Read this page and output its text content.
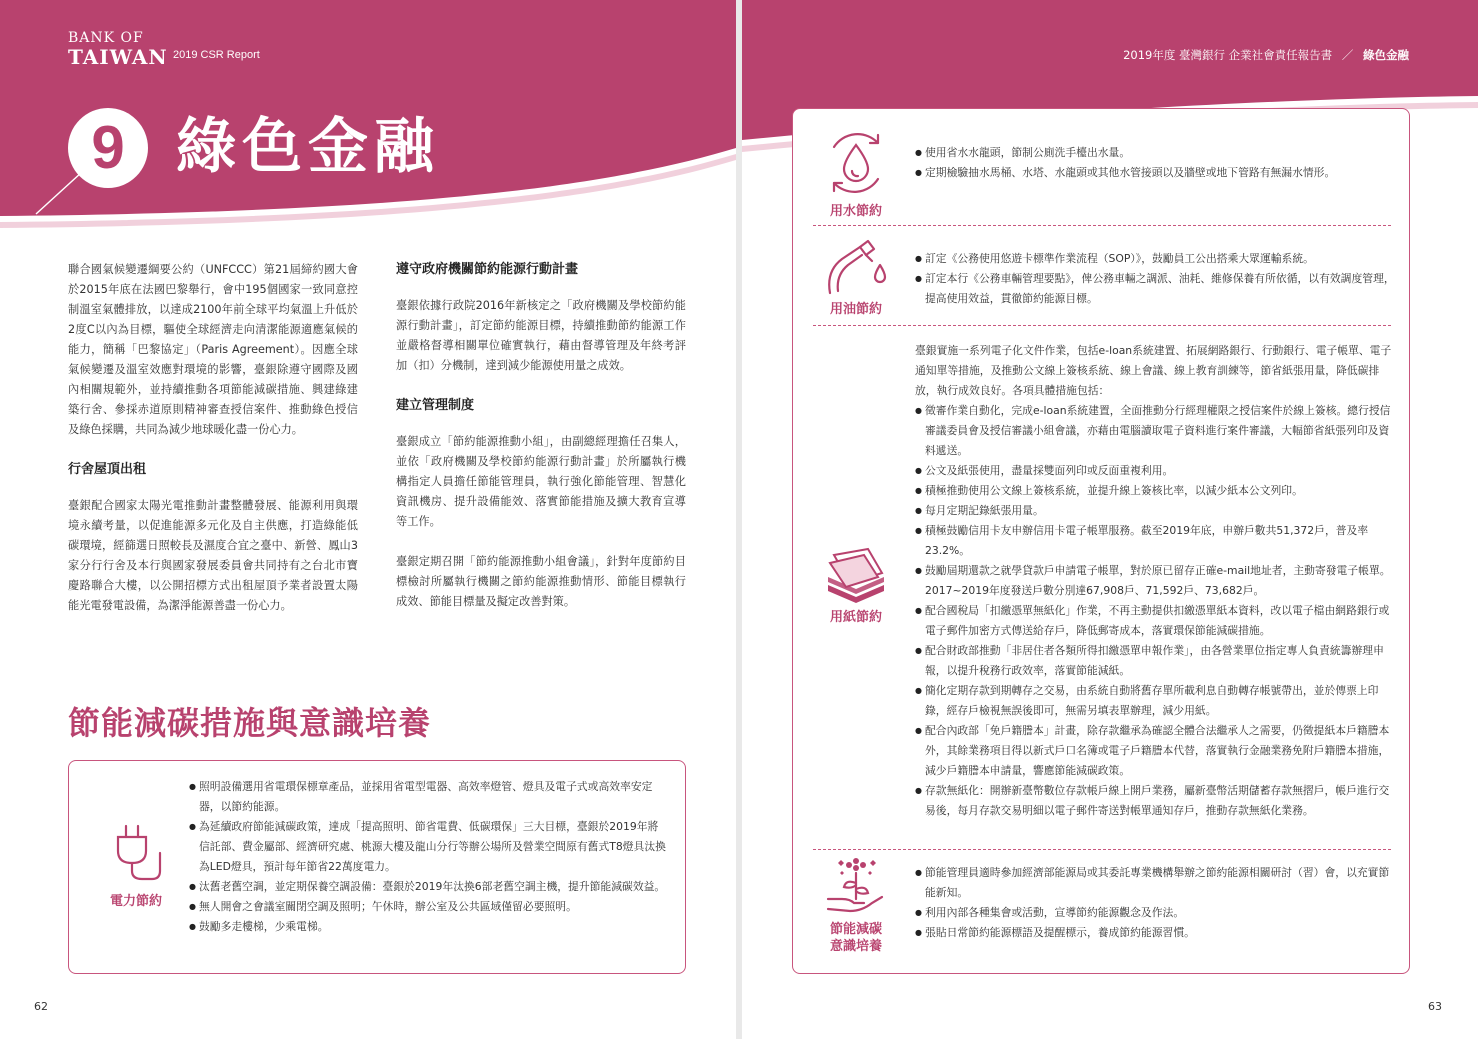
BANK OF
TAIWAN 2019 CSR Report
9 綠色金融

聯合國氣候變遷綱要公約（UNFCCC）第21屆締約國大會於2015年底在法國巴黎舉行，會中195個國家一致同意控制溫室氣體排放，以達成2100年前全球平均氣溫上升低於2度C以內為目標，驅使全球經濟走向清潔能源適應氣候的能力，簡稱「巴黎協定」（Paris Agreement）。因應全球氣候變遷及溫室效應對環境的影響，臺銀除遵守國際及國內相關規範外，並持續推動各項節能減碳措施、興建綠建築行舍、參採赤道原則精神審查授信案件、推動綠色授信及綠色採購，共同為減少地球暖化盡一份心力。

行舍屋頂出租

臺銀配合國家太陽光電推動計畫整體發展、能源利用與環境永續考量，以促進能源多元化及自主供應，打造綠能低碳環境，經篩選日照較長及濕度合宜之臺中、新營、鳳山3家分行行舍及本行與國家發展委員會共同持有之台北市寶慶路聯合大樓，以公開招標方式出租屋頂予業者設置太陽能光電發電設備，為潔淨能源善盡一份心力。

遵守政府機關節約能源行動計畫

臺銀依據行政院2016年新核定之「政府機關及學校節約能源行動計畫」，訂定節約能源目標，持續推動節約能源工作並嚴格督導相關單位確實執行，藉由督導管理及年終考評加（扣）分機制，達到減少能源使用量之成效。

建立管理制度

臺銀成立「節約能源推動小組」，由副總經理擔任召集人，並依「政府機關及學校節約能源行動計畫」於所屬執行機構指定人員擔任節能管理員，執行強化節能管理、智慧化資訊機房、提升設備能效、落實節能措施及擴大教育宣導等工作。

臺銀定期召開「節約能源推動小組會議」，針對年度節約目標檢討所屬執行機關之節約能源推動情形、節能目標執行成效、節能目標量及擬定改善對策。

節能減碳措施與意識培養
電力節約
● 照明設備選用省電環保標章產品，並採用省電型電器、高效率燈管、燈具及電子式或高效率安定器，以節約能源。
● 為延續政府節能減碳政策，達成「提高照明、節省電費、低碳環保」三大目標，臺銀於2019年將信託部、費金屬部、經濟研究處、桃源大樓及龍山分行等辦公場所及營業空間原有舊式T8燈具汰換為LED燈具，預計每年節省22萬度電力。
● 汰舊老舊空調，並定期保養空調設備：臺銀於2019年汰換6部老舊空調主機，提升節能減碳效益。
● 無人開會之會議室關閉空調及照明；午休時，辦公室及公共區域僅留必要照明。
● 鼓勵多走樓梯，少乘電梯。
62
2019年度 臺灣銀行 企業社會責任報告書 ／ 綠色金融
用水節約
● 使用省水水龍頭，節制公廁洗手檯出水量。
● 定期檢驗抽水馬桶、水塔、水龍頭或其他水管接頭以及牆壁或地下管路有無漏水情形。
用油節約
● 訂定《公務使用悠遊卡標準作業流程（SOP）》，鼓勵員工公出搭乘大眾運輸系統。
● 訂定本行《公務車輛管理要點》，俾公務車輛之調派、油耗、維修保養有所依循，以有效調度管理，提高使用效益，貫徹節約能源目標。
用紙節約

臺銀實施一系列電子化文件作業，包括e-loan系統建置、拓展網路銀行、行動銀行、電子帳單、電子通知單等措施，及推動公文線上簽核系統、線上會議、線上教育訓練等，節省紙張用量，降低碳排放，執行成效良好。各項具體措施包括：

● 徵審作業自動化，完成e-loan系統建置，全面推動分行經理權限之授信案件於線上簽核。總行授信審議委員會及授信審議小組會議，亦藉由電腦讀取電子資料進行案件審議，大幅節省紙張列印及資料遞送。
● 公文及紙張使用，盡量採雙面列印或反面重複利用。
● 積極推動使用公文線上簽核系統，並提升線上簽核比率，以減少紙本公文列印。
● 每月定期記錄紙張用量。
● 積極鼓勵信用卡友申辦信用卡電子帳單服務。截至2019年底，申辦戶數共51,372戶，普及率23.2%。
● 鼓勵屆期還款之就學貸款戶申請電子帳單，對於原已留存正確e-mail地址者，主動寄發電子帳單。2017~2019年度發送戶數分別達67,908戶、71,592戶、73,682戶。
● 配合國稅局「扣繳憑單無紙化」作業，不再主動提供扣繳憑單紙本資料，改以電子檔由網路銀行或電子郵件加密方式傳送給存戶，降低郵寄成本，落實環保節能減碳措施。
● 配合財政部推動「非居住者各類所得扣繳憑單申報作業」，由各營業單位指定專人負責統籌辦理申報，以提升稅務行政效率，落實節能減紙。
● 簡化定期存款到期轉存之交易，由系統自動將舊存單所載利息自動轉存帳號帶出，並於傳票上印錄，經存戶檢視無誤後即可，無需另填表單辦理，減少用紙。
● 配合內政部「免戶籍謄本」計畫，除存款繼承為確認全體合法繼承人之需要，仍徵提紙本戶籍謄本外，其餘業務項目得以新式戶口名簿或電子戶籍謄本代替，落實執行金融業務免附戶籍謄本措施，減少戶籍謄本申請量，響應節能減碳政策。
● 存款無紙化：開辦新臺幣數位存款帳戶線上開戶業務，屬新臺幣活期儲蓄存款無摺戶，帳戶進行交易後，每月存款交易明細以電子郵件寄送對帳單通知存戶，推動存款無紙化業務。
節能減碳
意識培養
● 節能管理員適時參加經濟部能源局或其委託專業機構舉辦之節約能源相關研討（習）會，以充實節能新知。
● 利用內部各種集會或活動，宣導節約能源觀念及作法。
● 張貼日常節約能源標語及提醒標示，養成節約能源習慣。
63
